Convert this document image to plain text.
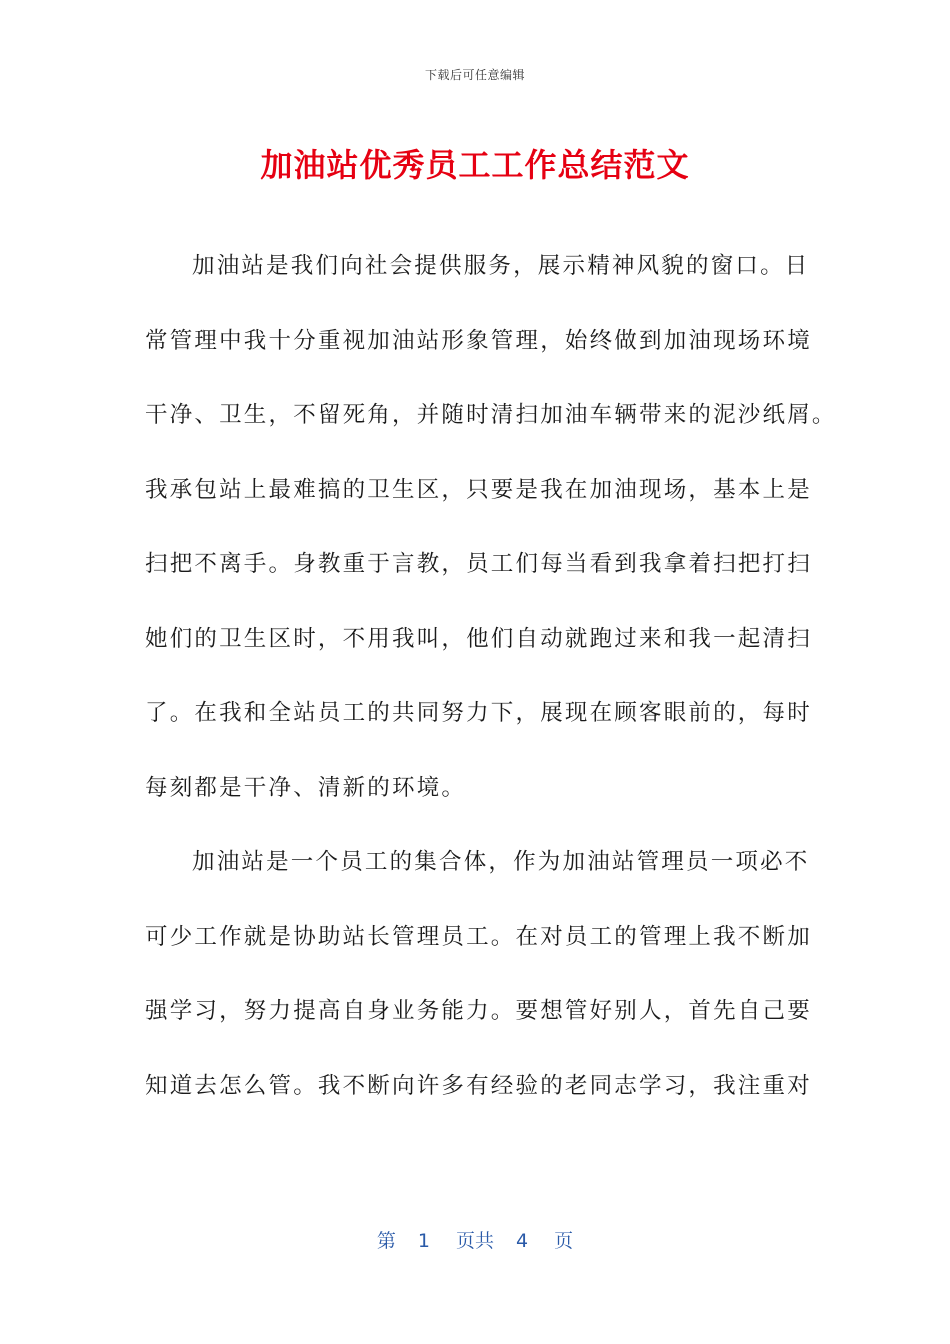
下载后可任意编辑
加油站优秀员工工作总结范文
加油站是我们向社会提供服务，展示精神风貌的窗口。日
常管理中我十分重视加油站形象管理，始终做到加油现场环境
干净、卫生，不留死角，并随时清扫加油车辆带来的泥沙纸屑。
我承包站上最难搞的卫生区，只要是我在加油现场，基本上是
扫把不离手。身教重于言教，员工们每当看到我拿着扫把打扫
她们的卫生区时，不用我叫，他们自动就跑过来和我一起清扫
了。在我和全站员工的共同努力下，展现在顾客眼前的，每时
每刻都是干净、清新的环境。
加油站是一个员工的集合体，作为加油站管理员一项必不
可少工作就是协助站长管理员工。在对员工的管理上我不断加
强学习，努力提高自身业务能力。要想管好别人，首先自己要
知道去怎么管。我不断向许多有经验的老同志学习，我注重对
第 1 页共 4 页
